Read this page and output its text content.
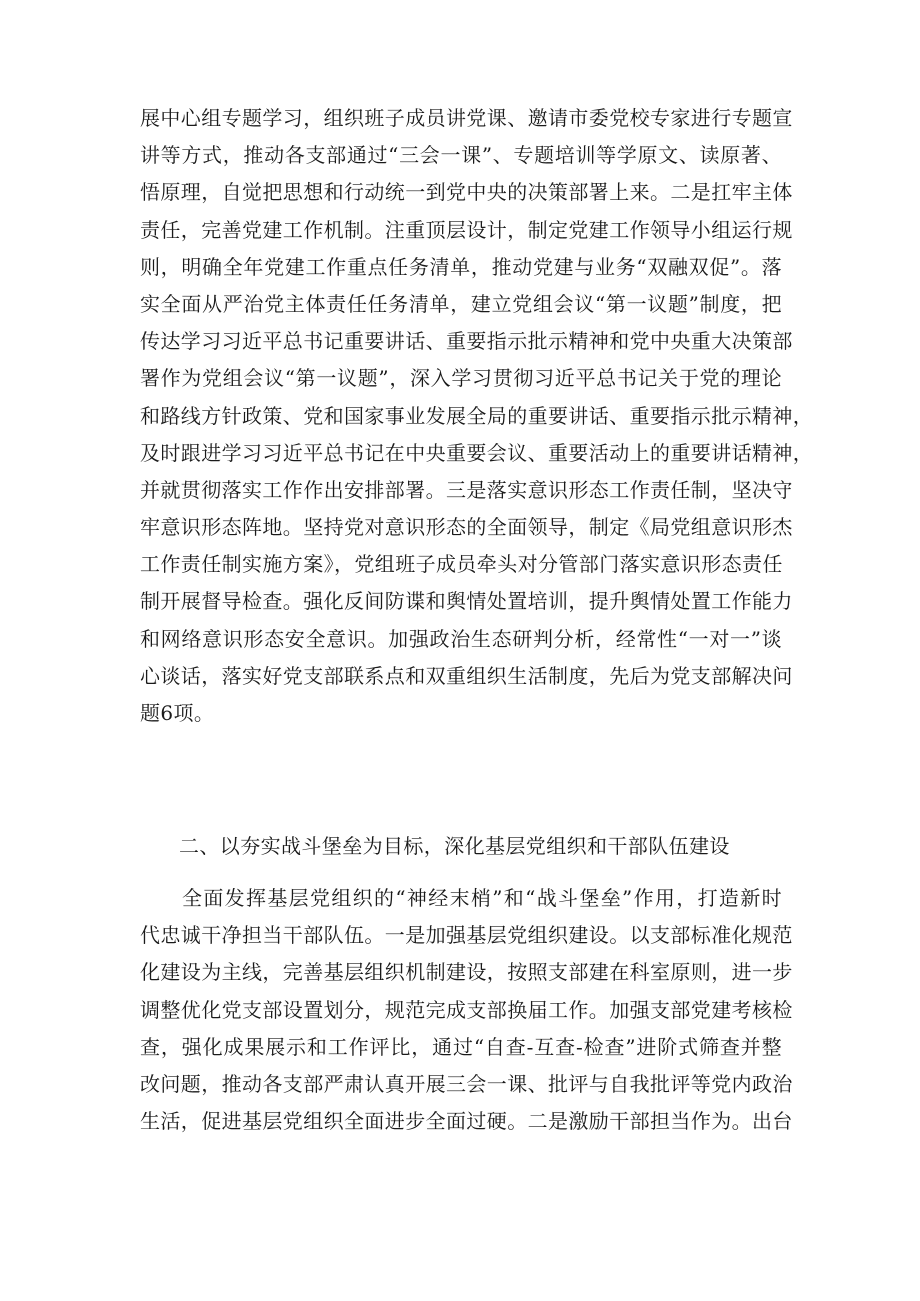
展中心组专题学习，组织班子成员讲党课、邀请市委党校专家进行专题宣
讲等方式，推动各支部通过“三会一课”、专题培训等学原文、读原著、
悟原理，自觉把思想和行动统一到党中央的决策部署上来。二是扛牢主体
责任，完善党建工作机制。注重顶层设计，制定党建工作领导小组运行规
则，明确全年党建工作重点任务清单，推动党建与业务“双融双促”。落
实全面从严治党主体责任任务清单，建立党组会议“第一议题”制度，把
传达学习习近平总书记重要讲话、重要指示批示精神和党中央重大决策部
署作为党组会议“第一议题”，深入学习贯彻习近平总书记关于党的理论
和路线方针政策、党和国家事业发展全局的重要讲话、重要指示批示精神，
及时跟进学习习近平总书记在中央重要会议、重要活动上的重要讲话精神，
并就贯彻落实工作作出安排部署。三是落实意识形态工作责任制，坚决守
牢意识形态阵地。坚持党对意识形态的全面领导，制定《局党组意识形杰
工作责任制实施方案》，党组班子成员牵头对分管部门落实意识形态责任
制开展督导检查。强化反间防谍和舆情处置培训，提升舆情处置工作能力
和网络意识形态安全意识。加强政治生态研判分析，经常性“一对一”谈
心谈话，落实好党支部联系点和双重组织生活制度，先后为党支部解决问
题6项。
二、以夯实战斗堡垒为目标，深化基层党组织和干部队伍建设
全面发挥基层党组织的“神经末梢”和“战斗堡垒”作用，打造新时
代忠诚干净担当干部队伍。一是加强基层党组织建设。以支部标准化规范
化建设为主线，完善基层组织机制建设，按照支部建在科室原则，进一步
调整优化党支部设置划分，规范完成支部换届工作。加强支部党建考核检
查，强化成果展示和工作评比，通过“自查-互查-检查”进阶式筛查并整
改问题，推动各支部严肃认真开展三会一课、批评与自我批评等党内政治
生活，促进基层党组织全面进步全面过硬。二是激励干部担当作为。出台
